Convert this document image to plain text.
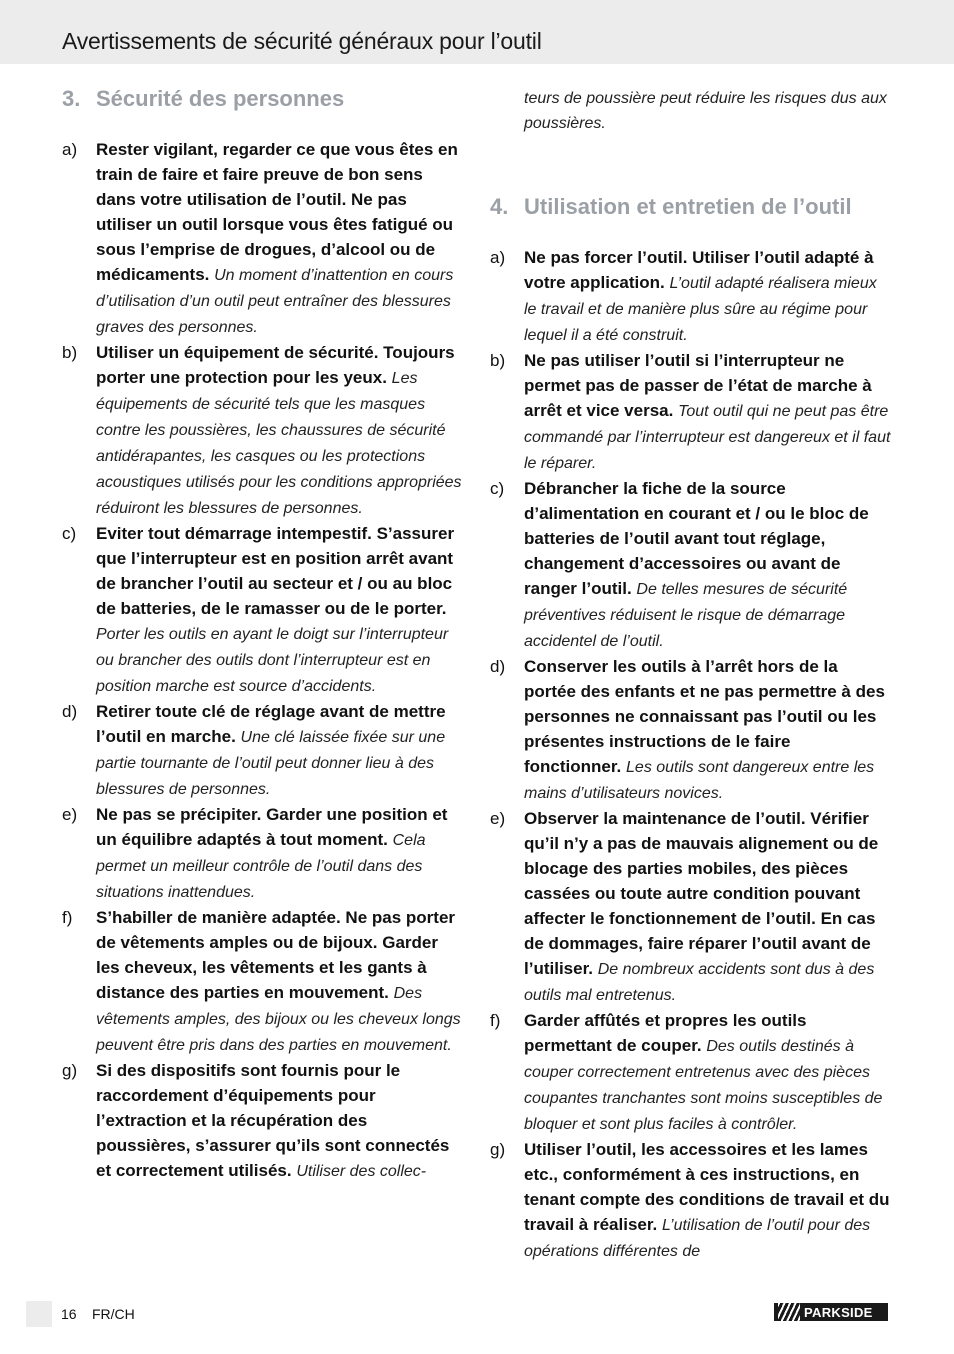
Avertissements de sécurité généraux pour l’outil
3. Sécurité des personnes
a)	Rester vigilant, regarder ce que vous êtes en train de faire et faire preuve de bon sens dans votre utilisation de l’outil. Ne pas utiliser un outil lorsque vous êtes fatigué ou sous l’emprise de drogues, d’alcool ou de médicaments. Un moment d’inattention en cours d’utilisation d’un outil peut entraîner des blessures graves des personnes.
b)	Utiliser un équipement de sécurité. Toujours porter une protection pour les yeux. Les équipements de sécurité tels que les masques contre les poussières, les chaussures de sécurité antidérapantes, les casques ou les protections acoustiques utilisés pour les conditions appropriées réduiront les blessures de personnes.
c)	Eviter tout démarrage intempestif. S’assurer que l’interrupteur est en position arrêt avant de brancher l’outil au secteur et / ou au bloc de batteries, de le ramasser ou de le porter. Porter les outils en ayant le doigt sur l’interrupteur ou brancher des outils dont l’interrupteur est en position marche est source d’accidents.
d)	Retirer toute clé de réglage avant de mettre l’outil en marche. Une clé laissée fixée sur une partie tournante de l’outil peut donner lieu à des blessures de personnes.
e)	Ne pas se précipiter. Garder une position et un équilibre adaptés à tout moment. Cela permet un meilleur contrôle de l’outil dans des situations inattendues.
f)	S’habiller de manière adaptée. Ne pas porter de vêtements amples ou de bijoux. Garder les cheveux, les vêtements et les gants à distance des parties en mouvement. Des vêtements amples, des bijoux ou les cheveux longs peuvent être pris dans des parties en mouvement.
g)	Si des dispositifs sont fournis pour le raccordement d’équipements pour l’extraction et la récupération des poussières, s’assurer qu’ils sont connectés et correctement utilisés. Utiliser des collec-

teurs de poussière peut réduire les risques dus aux poussières.

4. Utilisation et entretien de l’outil
a)	Ne pas forcer l’outil. Utiliser l’outil adapté à votre application. L’outil adapté réalisera mieux le travail et de manière plus sûre au régime pour lequel il a été construit.
b)	Ne pas utiliser l’outil si l’interrupteur ne permet pas de passer de l’état de marche à arrêt et vice versa. Tout outil qui ne peut pas être commandé par l’interrupteur est dangereux et il faut le réparer.
c)	Débrancher la fiche de la source d’alimentation en courant et / ou le bloc de batteries de l’outil avant tout réglage, changement d’accessoires ou avant de ranger l’outil. De telles mesures de sécurité préventives réduisent le risque de démarrage accidentel de l’outil.
d)	Conserver les outils à l’arrêt hors de la portée des enfants et ne pas permettre à des personnes ne connaissant pas l’outil ou les présentes instructions de le faire fonctionner. Les outils sont dangereux entre les mains d’utilisateurs novices.
e)	Observer la maintenance de l’outil. Vérifier qu’il n’y a pas de mauvais alignement ou de blocage des parties mobiles, des pièces cassées ou toute autre condition pouvant affecter le fonctionnement de l’outil. En cas de dommages, faire réparer l’outil avant de l’utiliser. De nombreux accidents sont dus à des outils mal entretenus.
f)	Garder affûtés et propres les outils permettant de couper. Des outils destinés à couper correctement entretenus avec des pièces coupantes tranchantes sont moins susceptibles de bloquer et sont plus faciles à contrôler.
g)	Utiliser l’outil, les accessoires et les lames etc., conformément à ces instructions, en tenant compte des conditions de travail et du travail à réaliser. L’utilisation de l’outil pour des opérations différentes de
16 FR/CH	PARKSIDE
